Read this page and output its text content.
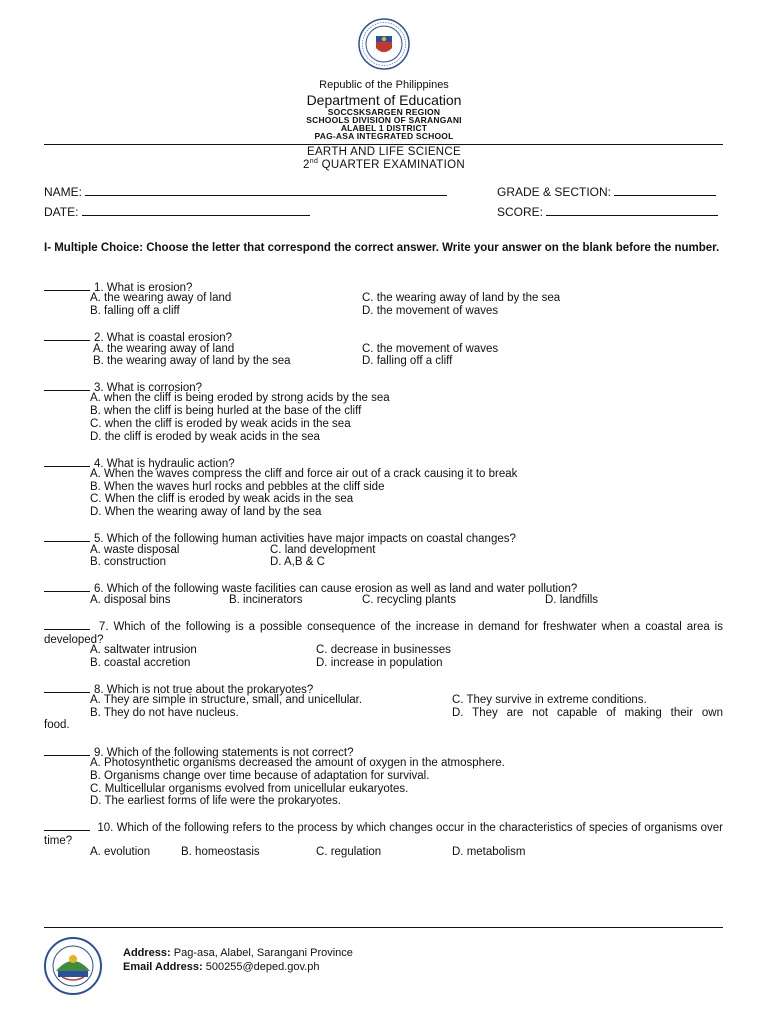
Republic of the Philippines
Department of Education
SOCCSKSARGEN REGION
SCHOOLS DIVISION OF SARANGANI
ALABEL 1 DISTRICT
PAG-ASA INTEGRATED SCHOOL
EARTH AND LIFE SCIENCE
2nd QUARTER EXAMINATION
NAME:	GRADE & SECTION:
DATE:	SCORE:
I- Multiple Choice: Choose the letter that correspond the correct answer. Write your answer on the blank before the number.
1. What is erosion?
A. the wearing away of land	C. the wearing away of land by the sea
B. falling off a cliff	D. the movement of waves
2. What is coastal erosion?
A. the wearing away of land	C. the movement of waves
B. the wearing away of land by the sea	D. falling off a cliff
3. What is corrosion?
A. when the cliff is being eroded by strong acids by the sea
B. when the cliff is being hurled at the base of the cliff
C. when the cliff is eroded by weak acids in the sea
D. the cliff is eroded by weak acids in the sea
4. What is hydraulic action?
A. When the waves compress the cliff and force air out of a crack causing it to break
B. When the waves hurl rocks and pebbles at the cliff side
C. When the cliff is eroded by weak acids in the sea
D. When the wearing away of land by the sea
5. Which of the following human activities have major impacts on coastal changes?
A. waste disposal	C. land development
B. construction	D. A,B & C
6. Which of the following waste facilities can cause erosion as well as land and water pollution?
A. disposal bins	B. incinerators	C. recycling plants	D. landfills
7. Which of the following is a possible consequence of the increase in demand for freshwater when a coastal area is developed?
A. saltwater intrusion	C. decrease in businesses
B. coastal accretion	D. increase in population
8. Which is not true about the prokaryotes?
A. They are simple in structure, small, and unicellular.	C. They survive in extreme conditions.
B. They do not have nucleus.	D. They are not capable of making their own
food.
9. Which of the following statements is not correct?
A. Photosynthetic organisms decreased the amount of oxygen in the atmosphere.
B. Organisms change over time because of adaptation for survival.
C. Multicellular organisms evolved from unicellular eukaryotes.
D. The earliest forms of life were the prokaryotes.
10. Which of the following refers to the process by which changes occur in the characteristics of species of organisms over time?
A. evolution	B. homeostasis	C. regulation	D. metabolism
Address: Pag-asa, Alabel, Sarangani Province
Email Address: 500255@deped.gov.ph
